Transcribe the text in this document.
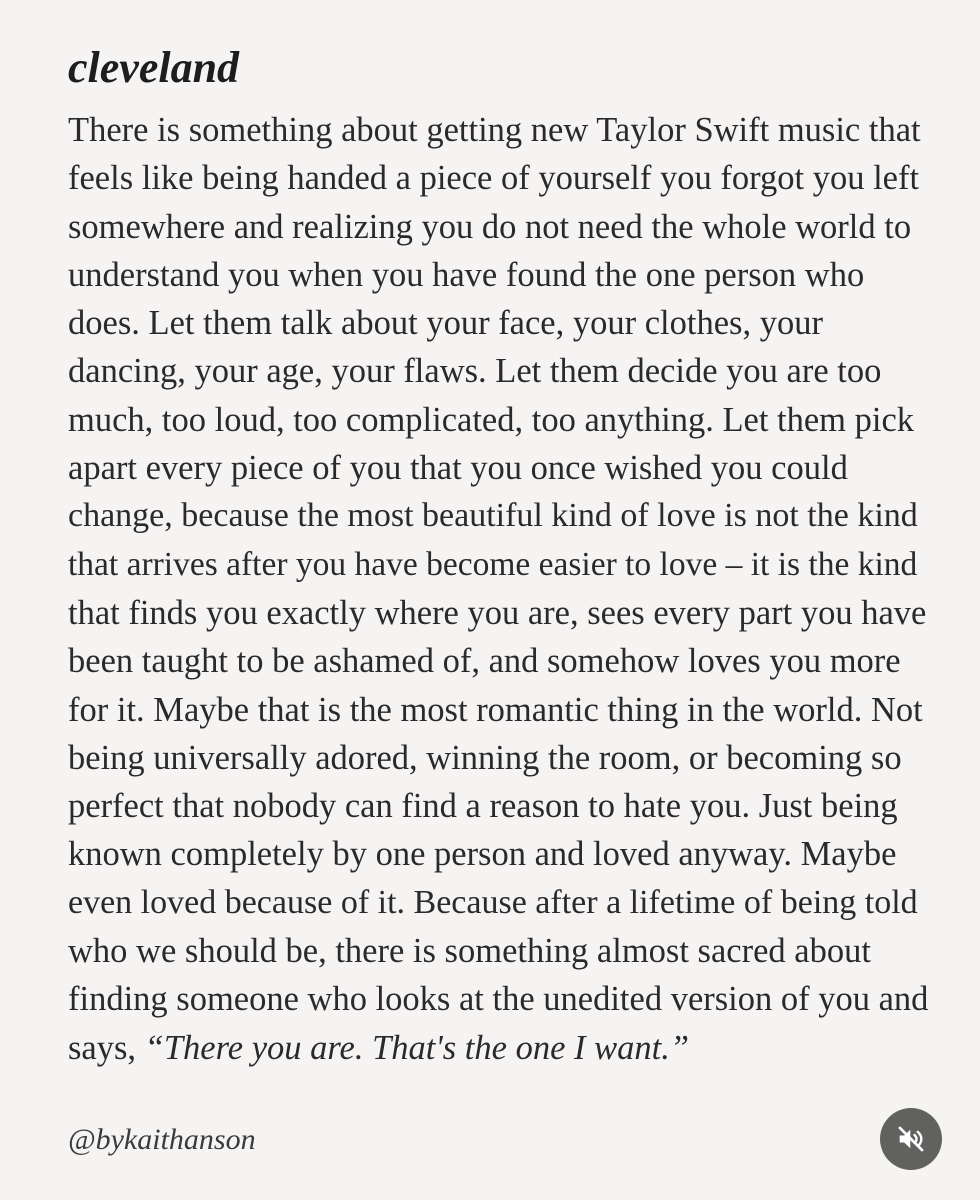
cleveland
There is something about getting new Taylor Swift music that
feels like being handed a piece of yourself you forgot you left
somewhere and realizing you do not need the whole world to
understand you when you have found the one person who
does. Let them talk about your face, your clothes, your
dancing, your age, your flaws. Let them decide you are too
much, too loud, too complicated, too anything. Let them pick
apart every piece of you that you once wished you could
change, because the most beautiful kind of love is not the kind
that arrives after you have become easier to love – it is the kind
that finds you exactly where you are, sees every part you have
been taught to be ashamed of, and somehow loves you more
for it. Maybe that is the most romantic thing in the world. Not
being universally adored, winning the room, or becoming so
perfect that nobody can find a reason to hate you. Just being
known completely by one person and loved anyway. Maybe
even loved because of it. Because after a lifetime of being told
who we should be, there is something almost sacred about
finding someone who looks at the unedited version of you and
says, “There you are. That's the one I want.”
@bykaithanson
